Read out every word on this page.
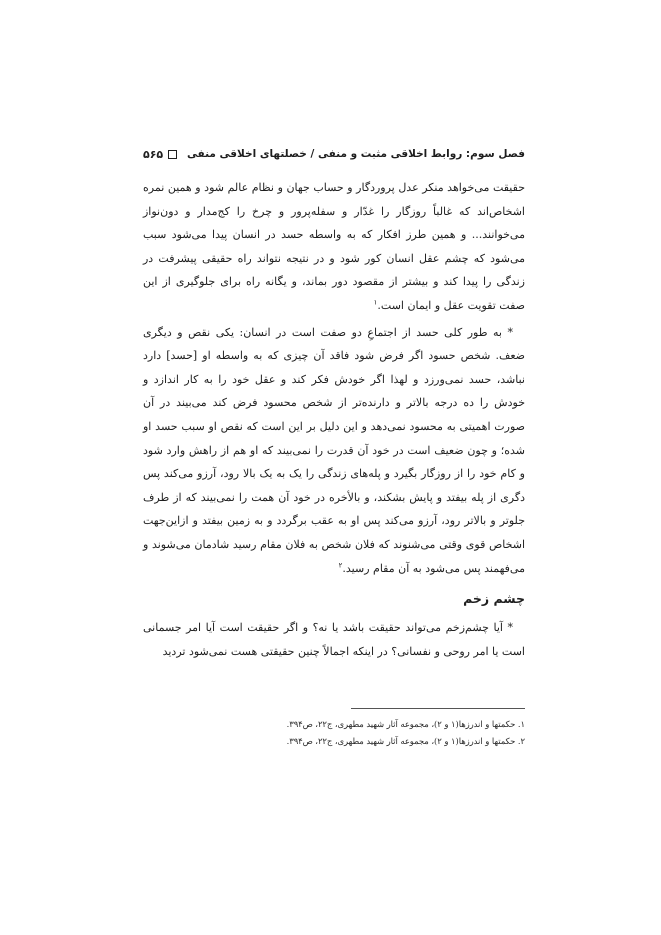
فصل سوم: روابط اخلاقی مثبت و منفی / خصلتهای اخلاقی منفی
۵۶۵

حقیقت می‌خواهد منکر عدل پروردگار و حساب جهان و نظام عالم شود و همین نمره اشخاص‌اند که غالباً روزگار را غدّار و سفله‌پرور و چرخ را کج‌مدار و دون‌نواز می‌خوانند... و همین طرز افکار که به واسطه حسد در انسان پیدا می‌شود سبب می‌شود که چشم عقل انسان کور شود و در نتیجه نتواند راه حقیقی پیشرفت در زندگی را پیدا کند و بیشتر از مقصود دور بماند، و یگانه راه برای جلوگیری از این صفت تقویت عقل و ایمان است.$^۱$

* به طور کلی حسد از اجتماعِ دو صفت است در انسان: یکی نقص و دیگری ضعف. شخص حسود اگر فرض شود فاقد آن چیزی که به واسطه او [حسد] دارد نباشد، حسد نمی‌ورزد و لهذا اگر خودش فکر کند و عقل خود را به کار اندازد و خودش را ده درجه بالاتر و دارنده‌تر از شخص محسود فرض کند می‌بیند در آن صورت اهمیتی به محسود نمی‌دهد و این دلیل بر این است که نقص او سبب حسد او شده؛ و چون ضعیف است در خود آن قدرت را نمی‌بیند که او هم از راهش وارد شود و کام خود را از روزگار بگیرد و پله‌های زندگی را یک به یک بالا رود، آرزو می‌کند پس دگری از پله بیفتد و پایش بشکند، و بالأخره در خود آن همت را نمی‌بیند که از طرف جلوتر و بالاتر رود، آرزو می‌کند پس او به عقب برگردد و به زمین بیفتد و ازاین‌جهت اشخاص قوی وقتی می‌شنوند که فلان شخص به فلان مقام رسید شادمان می‌شوند و می‌فهمند پس می‌شود به آن مقام رسید.$^۲$

چشم زخم

* آیا چشم‌زخم می‌تواند حقیقت باشد یا نه؟ و اگر حقیقت است آیا امر جسمانی است یا امر روحی و نفسانی؟ در اینکه اجمالاً چنین حقیقتی هست نمی‌شود تردید

۱. حکمتها و اندرزها(۱ و ۲)، مجموعه آثار شهید مطهری، ج۲۲، ص۳۹۴.

۲. حکمتها و اندرزها(۱ و ۲)، مجموعه آثار شهید مطهری، ج۲۲، ص۳۹۴.
